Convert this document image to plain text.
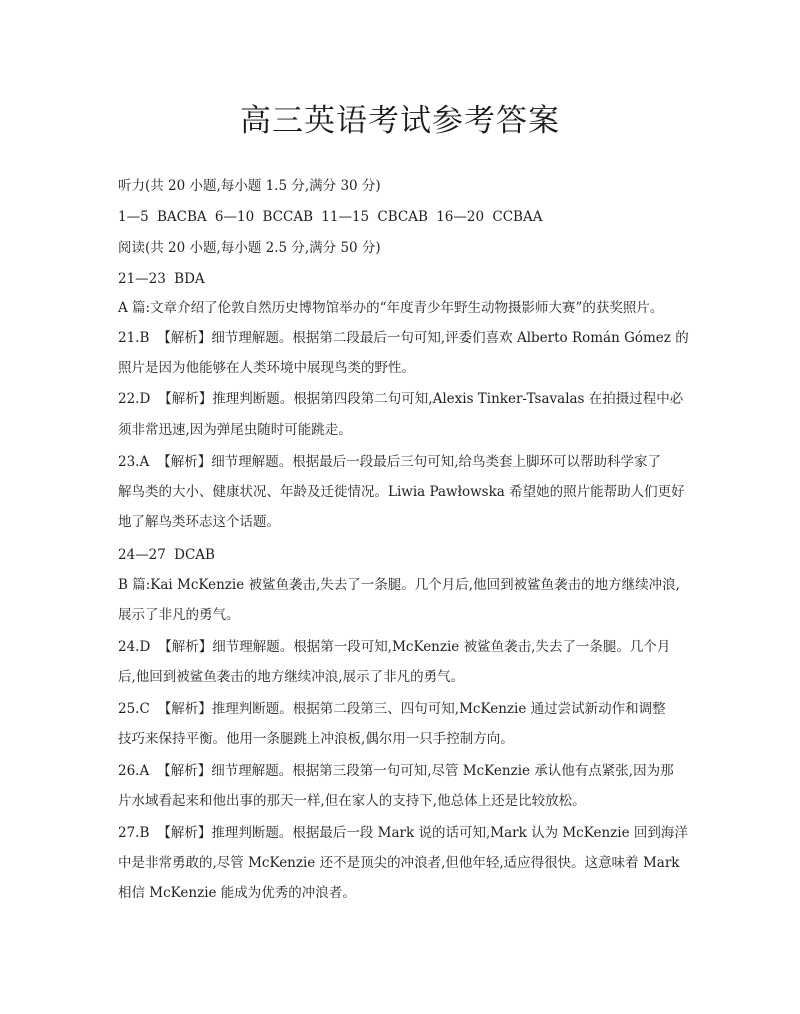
高三英语考试参考答案
听力(共 20 小题,每小题 1.5 分,满分 30 分)
1—5 BACBA 6—10 BCCAB 11—15 CBCAB 16—20 CCBAA
阅读(共 20 小题,每小题 2.5 分,满分 50 分)
21—23 BDA
A 篇:文章介绍了伦敦自然历史博物馆举办的“年度青少年野生动物摄影师大赛”的获奖照片。
21.B 【解析】细节理解题。根据第二段最后一句可知,评委们喜欢 Alberto Román Gómez 的
照片是因为他能够在人类环境中展现鸟类的野性。
22.D 【解析】推理判断题。根据第四段第二句可知,Alexis Tinker-Tsavalas 在拍摄过程中必
须非常迅速,因为弹尾虫随时可能跳走。
23.A 【解析】细节理解题。根据最后一段最后三句可知,给鸟类套上脚环可以帮助科学家了
解鸟类的大小、健康状况、年龄及迁徙情况。Liwia Pawłowska 希望她的照片能帮助人们更好
地了解鸟类环志这个话题。
24—27 DCAB
B 篇:Kai McKenzie 被鲨鱼袭击,失去了一条腿。几个月后,他回到被鲨鱼袭击的地方继续冲浪,
展示了非凡的勇气。
24.D 【解析】细节理解题。根据第一段可知,McKenzie 被鲨鱼袭击,失去了一条腿。几个月
后,他回到被鲨鱼袭击的地方继续冲浪,展示了非凡的勇气。
25.C 【解析】推理判断题。根据第二段第三、四句可知,McKenzie 通过尝试新动作和调整
技巧来保持平衡。他用一条腿跳上冲浪板,偶尔用一只手控制方向。
26.A 【解析】细节理解题。根据第三段第一句可知,尽管 McKenzie 承认他有点紧张,因为那
片水域看起来和他出事的那天一样,但在家人的支持下,他总体上还是比较放松。
27.B 【解析】推理判断题。根据最后一段 Mark 说的话可知,Mark 认为 McKenzie 回到海洋
中是非常勇敢的,尽管 McKenzie 还不是顶尖的冲浪者,但他年轻,适应得很快。这意味着 Mark
相信 McKenzie 能成为优秀的冲浪者。
